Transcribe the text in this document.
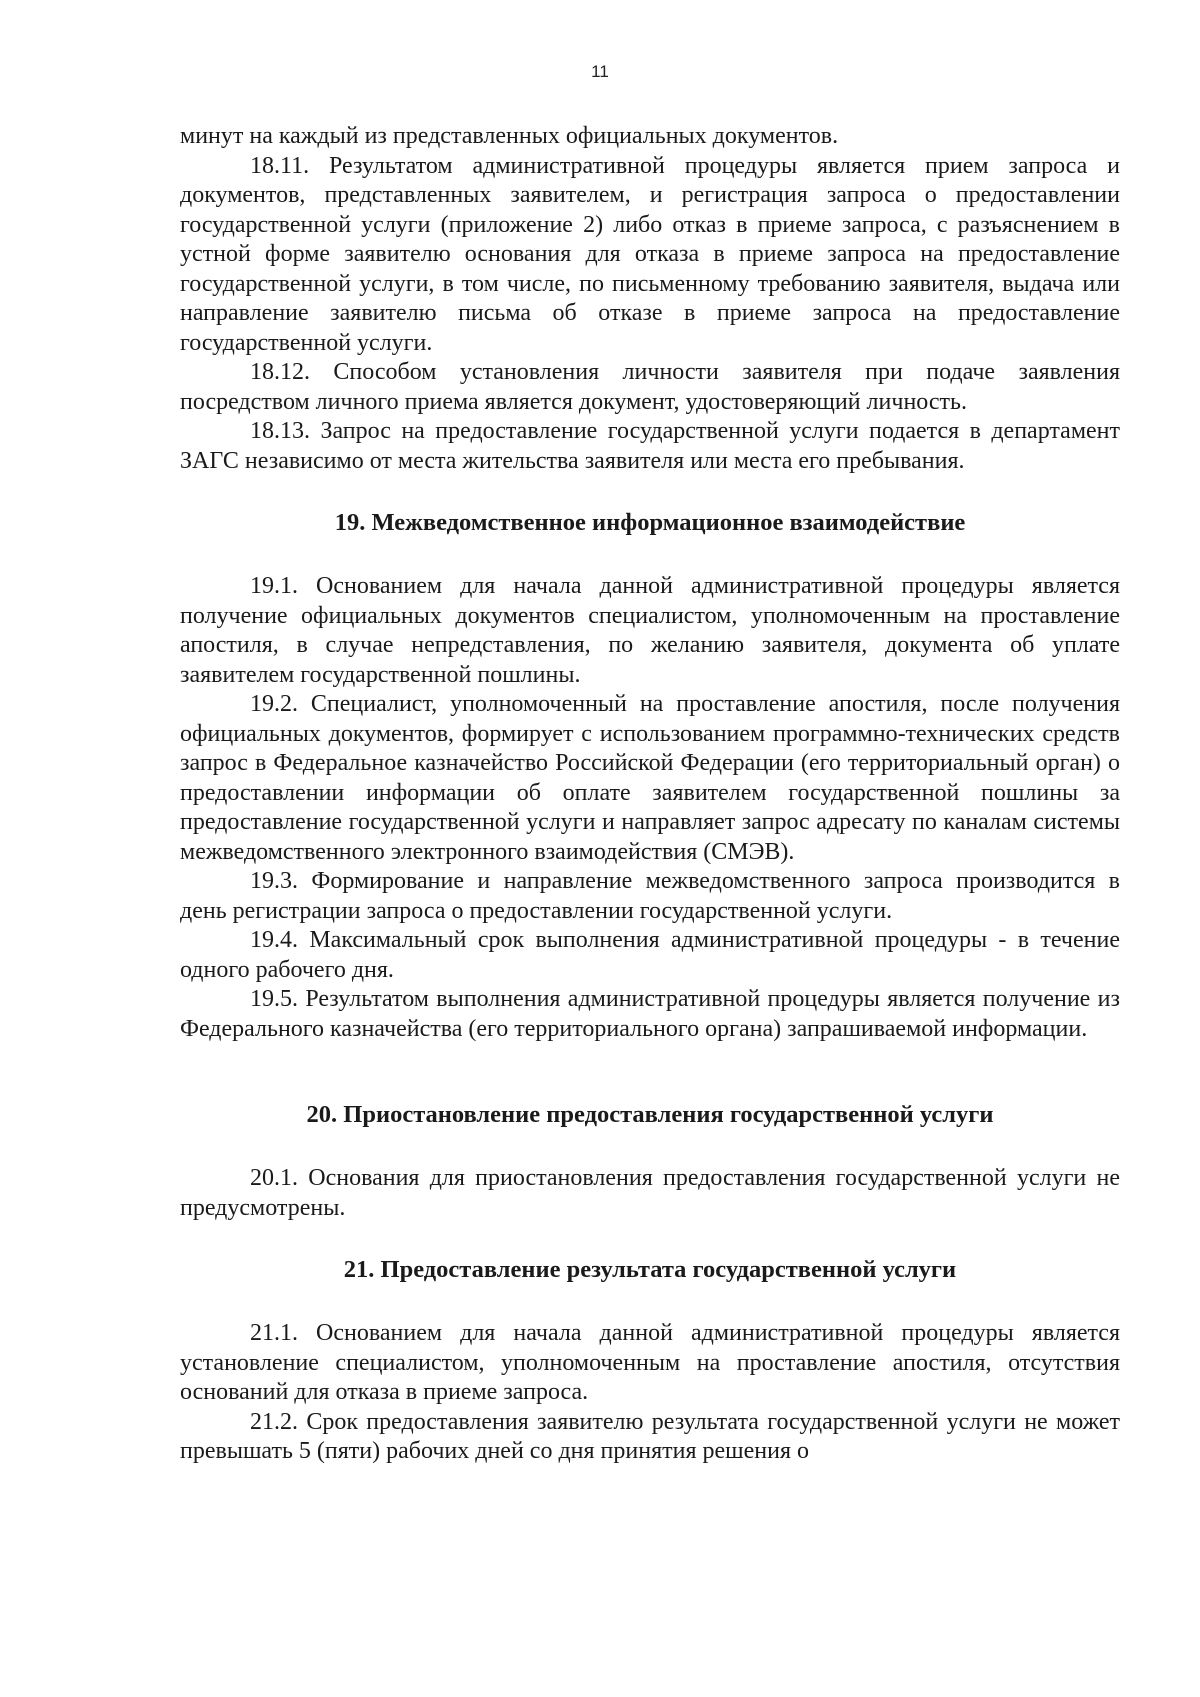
11

минут на каждый из представленных официальных документов.

18.11. Результатом административной процедуры является прием запроса и документов, представленных заявителем, и регистрация запроса о предоставлении государственной услуги (приложение 2) либо отказ в приеме запроса, с разъяснением в устной форме заявителю основания для отказа в приеме запроса на предоставление государственной услуги, в том числе, по письменному требованию заявителя, выдача или направление заявителю письма об отказе в приеме запроса на предоставление государственной услуги.

18.12. Способом установления личности заявителя при подаче заявления посредством личного приема является документ, удостоверяющий личность.

18.13. Запрос на предоставление государственной услуги подается в департамент ЗАГС независимо от места жительства заявителя или места его пребывания.

19. Межведомственное информационное взаимодействие

19.1. Основанием для начала данной административной процедуры является получение официальных документов специалистом, уполномоченным на проставление апостиля, в случае непредставления, по желанию заявителя, документа об уплате заявителем государственной пошлины.

19.2. Специалист, уполномоченный на проставление апостиля, после получения официальных документов, формирует с использованием программно-технических средств запрос в Федеральное казначейство Российской Федерации (его территориальный орган) о предоставлении информации об оплате заявителем государственной пошлины за предоставление государственной услуги и направляет запрос адресату по каналам системы межведомственного электронного взаимодействия (СМЭВ).

19.3. Формирование и направление межведомственного запроса производится в день регистрации запроса о предоставлении государственной услуги.

19.4. Максимальный срок выполнения административной процедуры - в течение одного рабочего дня.

19.5. Результатом выполнения административной процедуры является получение из Федерального казначейства (его территориального органа) запрашиваемой информации.

20. Приостановление предоставления государственной услуги

20.1. Основания для приостановления предоставления государственной услуги не предусмотрены.

21. Предоставление результата государственной услуги

21.1. Основанием для начала данной административной процедуры является установление специалистом, уполномоченным на проставление апостиля, отсутствия оснований для отказа в приеме запроса.

21.2. Срок предоставления заявителю результата государственной услуги не может превышать 5 (пяти) рабочих дней со дня принятия решения о
